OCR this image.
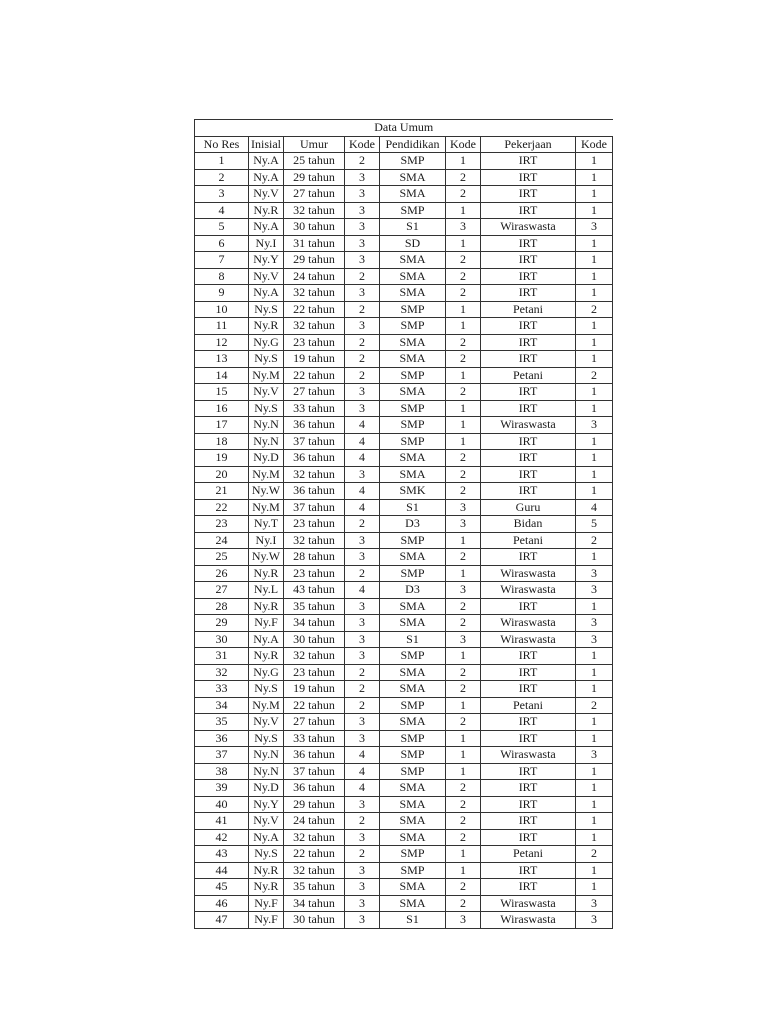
Data Umum							
No Res	Inisial	Umur	Kode	Pendidikan	Kode	Pekerjaan	Kode
1	Ny.A	25 tahun	2	SMP	1	IRT	1
2	Ny.A	29 tahun	3	SMA	2	IRT	1
3	Ny.V	27 tahun	3	SMA	2	IRT	1
4	Ny.R	32 tahun	3	SMP	1	IRT	1
5	Ny.A	30 tahun	3	S1	3	Wiraswasta	3
6	Ny.I	31 tahun	3	SD	1	IRT	1
7	Ny.Y	29 tahun	3	SMA	2	IRT	1
8	Ny.V	24 tahun	2	SMA	2	IRT	1
9	Ny.A	32 tahun	3	SMA	2	IRT	1
10	Ny.S	22 tahun	2	SMP	1	Petani	2
11	Ny.R	32 tahun	3	SMP	1	IRT	1
12	Ny.G	23 tahun	2	SMA	2	IRT	1
13	Ny.S	19 tahun	2	SMA	2	IRT	1
14	Ny.M	22 tahun	2	SMP	1	Petani	2
15	Ny.V	27 tahun	3	SMA	2	IRT	1
16	Ny.S	33 tahun	3	SMP	1	IRT	1
17	Ny.N	36 tahun	4	SMP	1	Wiraswasta	3
18	Ny.N	37 tahun	4	SMP	1	IRT	1
19	Ny.D	36 tahun	4	SMA	2	IRT	1
20	Ny.M	32 tahun	3	SMA	2	IRT	1
21	Ny.W	36 tahun	4	SMK	2	IRT	1
22	Ny.M	37 tahun	4	S1	3	Guru	4
23	Ny.T	23 tahun	2	D3	3	Bidan	5
24	Ny.I	32 tahun	3	SMP	1	Petani	2
25	Ny.W	28 tahun	3	SMA	2	IRT	1
26	Ny.R	23 tahun	2	SMP	1	Wiraswasta	3
27	Ny.L	43 tahun	4	D3	3	Wiraswasta	3
28	Ny.R	35 tahun	3	SMA	2	IRT	1
29	Ny.F	34 tahun	3	SMA	2	Wiraswasta	3
30	Ny.A	30 tahun	3	S1	3	Wiraswasta	3
31	Ny.R	32 tahun	3	SMP	1	IRT	1
32	Ny.G	23 tahun	2	SMA	2	IRT	1
33	Ny.S	19 tahun	2	SMA	2	IRT	1
34	Ny.M	22 tahun	2	SMP	1	Petani	2
35	Ny.V	27 tahun	3	SMA	2	IRT	1
36	Ny.S	33 tahun	3	SMP	1	IRT	1
37	Ny.N	36 tahun	4	SMP	1	Wiraswasta	3
38	Ny.N	37 tahun	4	SMP	1	IRT	1
39	Ny.D	36 tahun	4	SMA	2	IRT	1
40	Ny.Y	29 tahun	3	SMA	2	IRT	1
41	Ny.V	24 tahun	2	SMA	2	IRT	1
42	Ny.A	32 tahun	3	SMA	2	IRT	1
43	Ny.S	22 tahun	2	SMP	1	Petani	2
44	Ny.R	32 tahun	3	SMP	1	IRT	1
45	Ny.R	35 tahun	3	SMA	2	IRT	1
46	Ny.F	34 tahun	3	SMA	2	Wiraswasta	3
47	Ny.F	30 tahun	3	S1	3	Wiraswasta	3
